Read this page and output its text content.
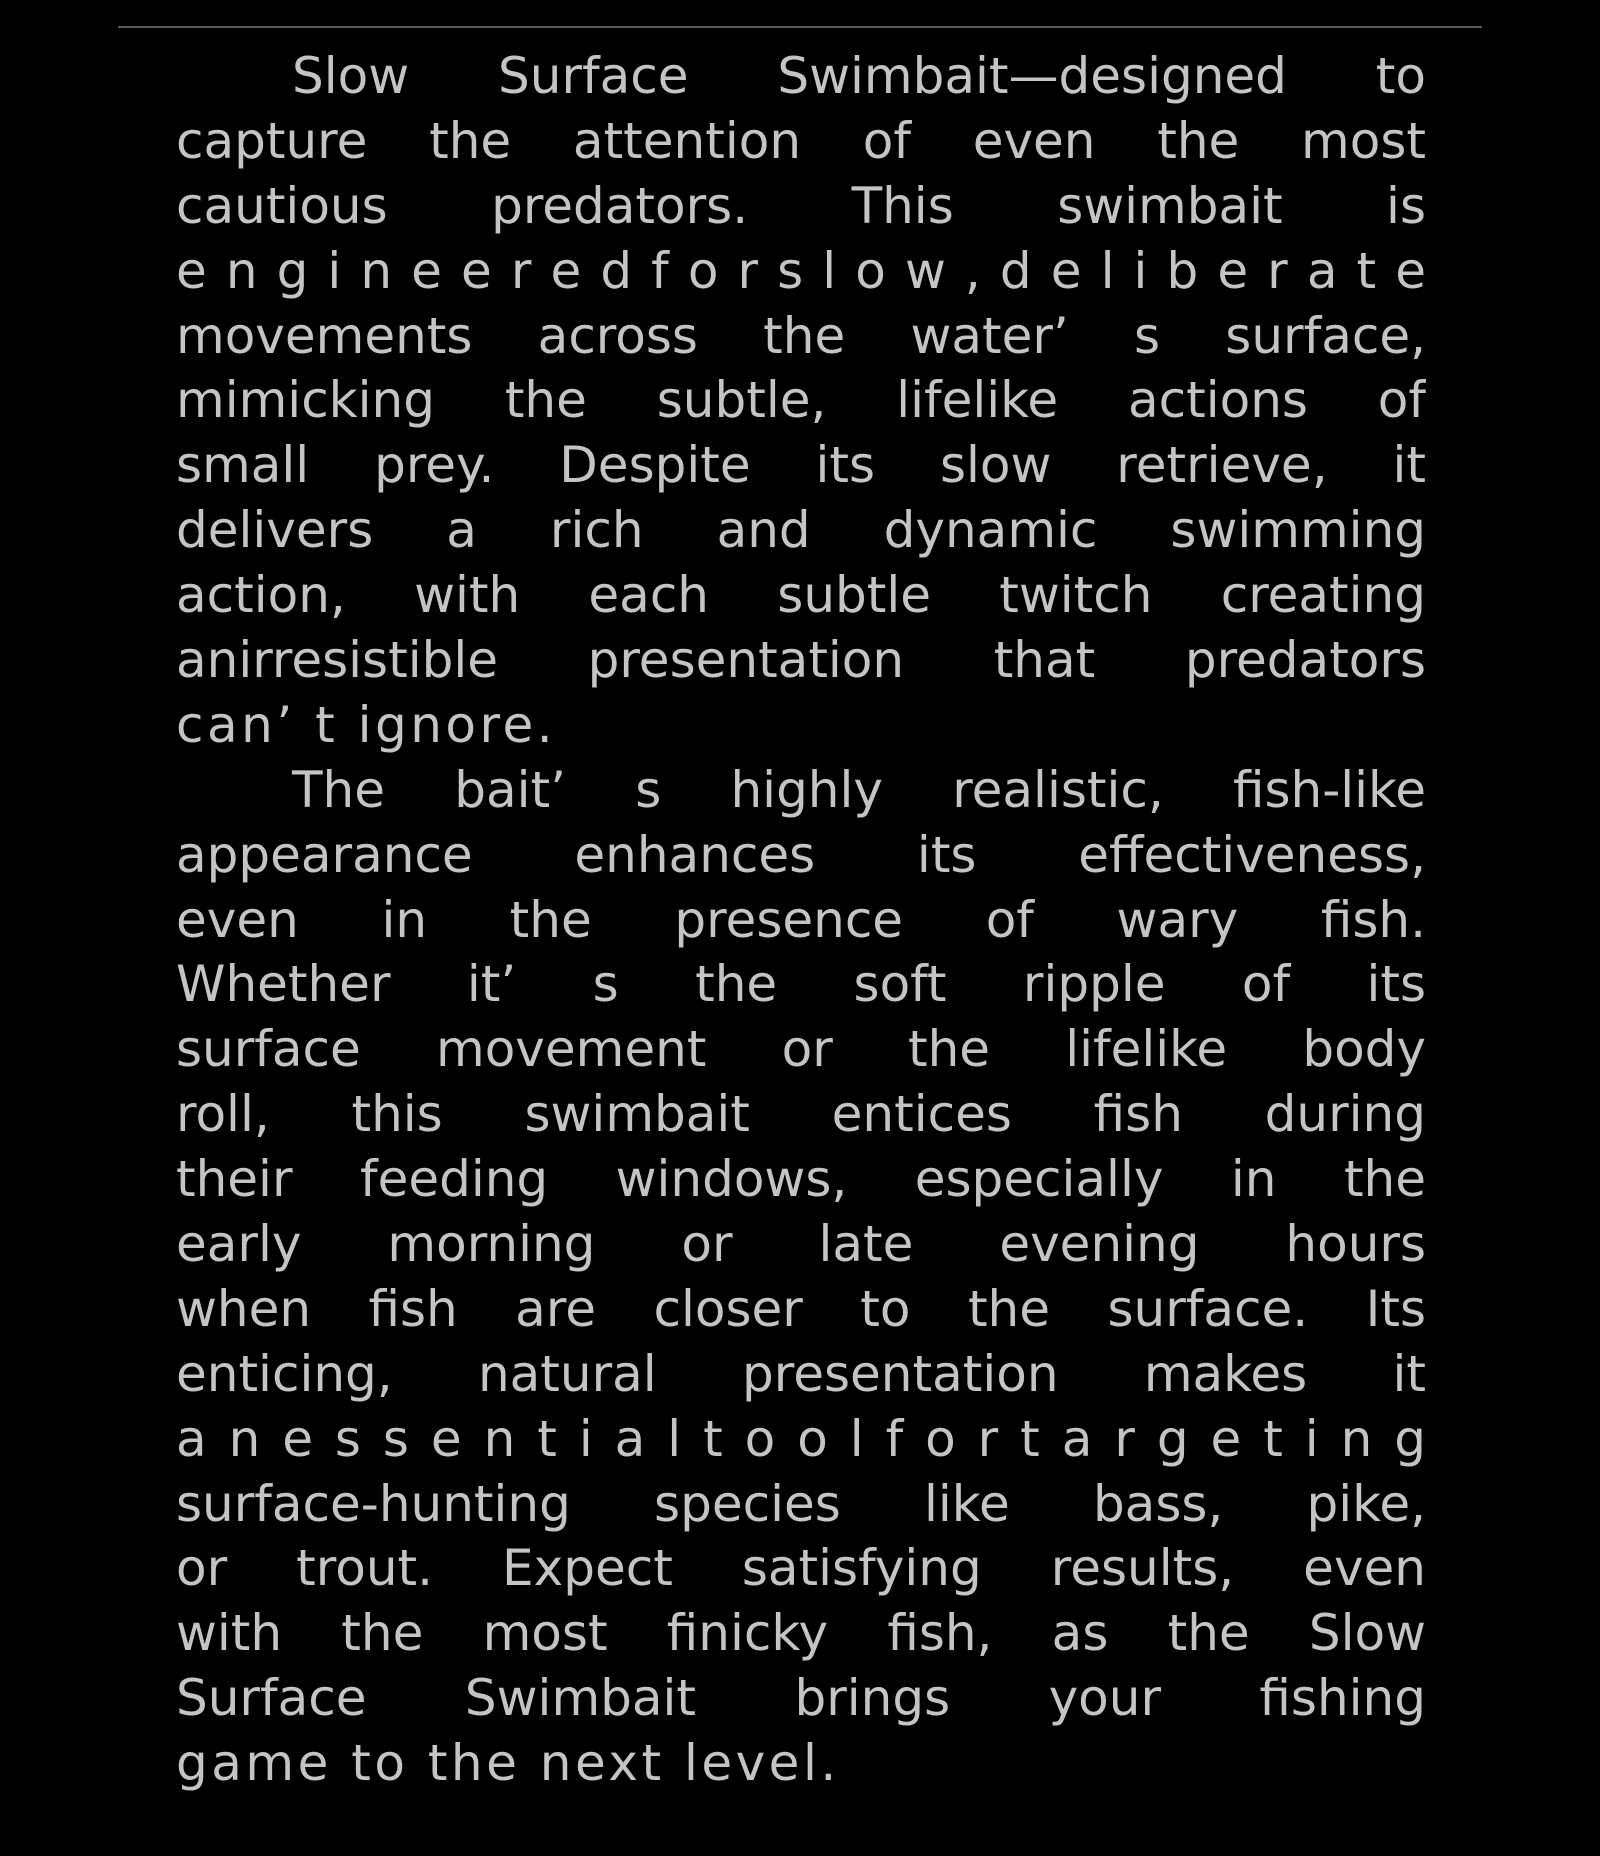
Slow Surface Swimbait—designed to
capture the attention of even the most
cautious predators. This swimbait is
e n g i n e e r e d f o r s l o w , d e l i b e r a t e
movements across the water’ s surface,
mimicking the subtle, lifelike actions of
small prey. Despite its slow retrieve, it
delivers a rich and dynamic swimming
action, with each subtle twitch creating
anirresistible presentation that predators
can’ t ignore.
The bait’ s highly realistic, fish-like
appearance enhances its effectiveness,
even in the presence of wary fish.
Whether it’ s the soft ripple of its
surface movement or the lifelike body
roll, this swimbait entices fish during
their feeding windows, especially in the
early morning or late evening hours
when fish are closer to the surface. Its
enticing, natural presentation makes it
a n e s s e n t i a l t o o l f o r t a r g e t i n g
surface-hunting species like bass, pike,
or trout. Expect satisfying results, even
with the most finicky fish, as the Slow
Surface Swimbait brings your fishing
game to the next level.
